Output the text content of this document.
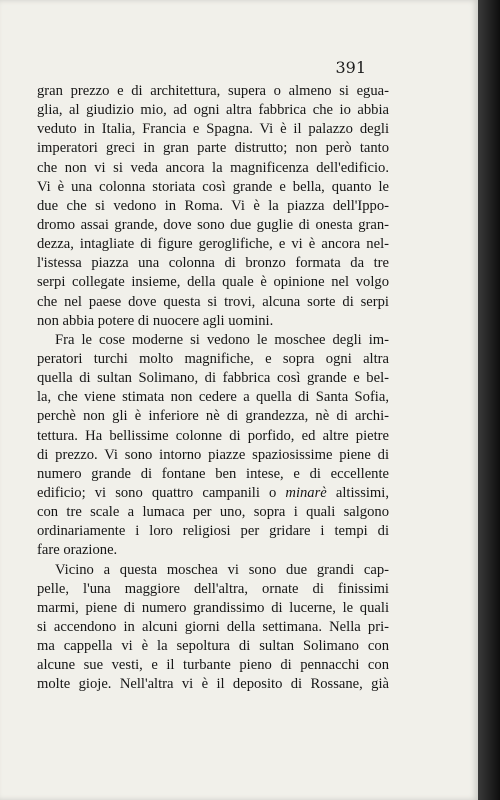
391

gran prezzo e di architettura, supera o almeno si egua-
glia, al giudizio mio, ad ogni altra fabbrica che io abbia
veduto in Italia, Francia e Spagna. Vi è il palazzo degli
imperatori greci in gran parte distrutto; non però tanto
che non vi si veda ancora la magnificenza dell'edificio.
Vi è una colonna storiata così grande e bella, quanto le
due che si vedono in Roma. Vi è la piazza dell'Ippo-
dromo assai grande, dove sono due guglie di onesta gran-
dezza, intagliate di figure geroglifiche, e vi è ancora nel-
l'istessa piazza una colonna di bronzo formata da tre
serpi collegate insieme, della quale è opinione nel volgo
che nel paese dove questa si trovi, alcuna sorte di serpi
non abbia potere di nuocere agli uomini.
Fra le cose moderne si vedono le moschee degli im-
peratori turchi molto magnifiche, e sopra ogni altra
quella di sultan Solimano, di fabbrica così grande e bel-
la, che viene stimata non cedere a quella di Santa Sofia,
perchè non gli è inferiore nè di grandezza, nè di archi-
tettura. Ha bellissime colonne di porfido, ed altre pietre
di prezzo. Vi sono intorno piazze spaziosissime piene di
numero grande di fontane ben intese, e di eccellente
edificio; vi sono quattro campanili o minarè altissimi,
con tre scale a lumaca per uno, sopra i quali salgono
ordinariamente i loro religiosi per gridare i tempi di
fare orazione.
Vicino a questa moschea vi sono due grandi cap-
pelle, l'una maggiore dell'altra, ornate di finissimi
marmi, piene di numero grandissimo di lucerne, le quali
si accendono in alcuni giorni della settimana. Nella pri-
ma cappella vi è la sepoltura di sultan Solimano con
alcune sue vesti, e il turbante pieno di pennacchi con
molte gioje. Nell'altra vi è il deposito di Rossane, già
